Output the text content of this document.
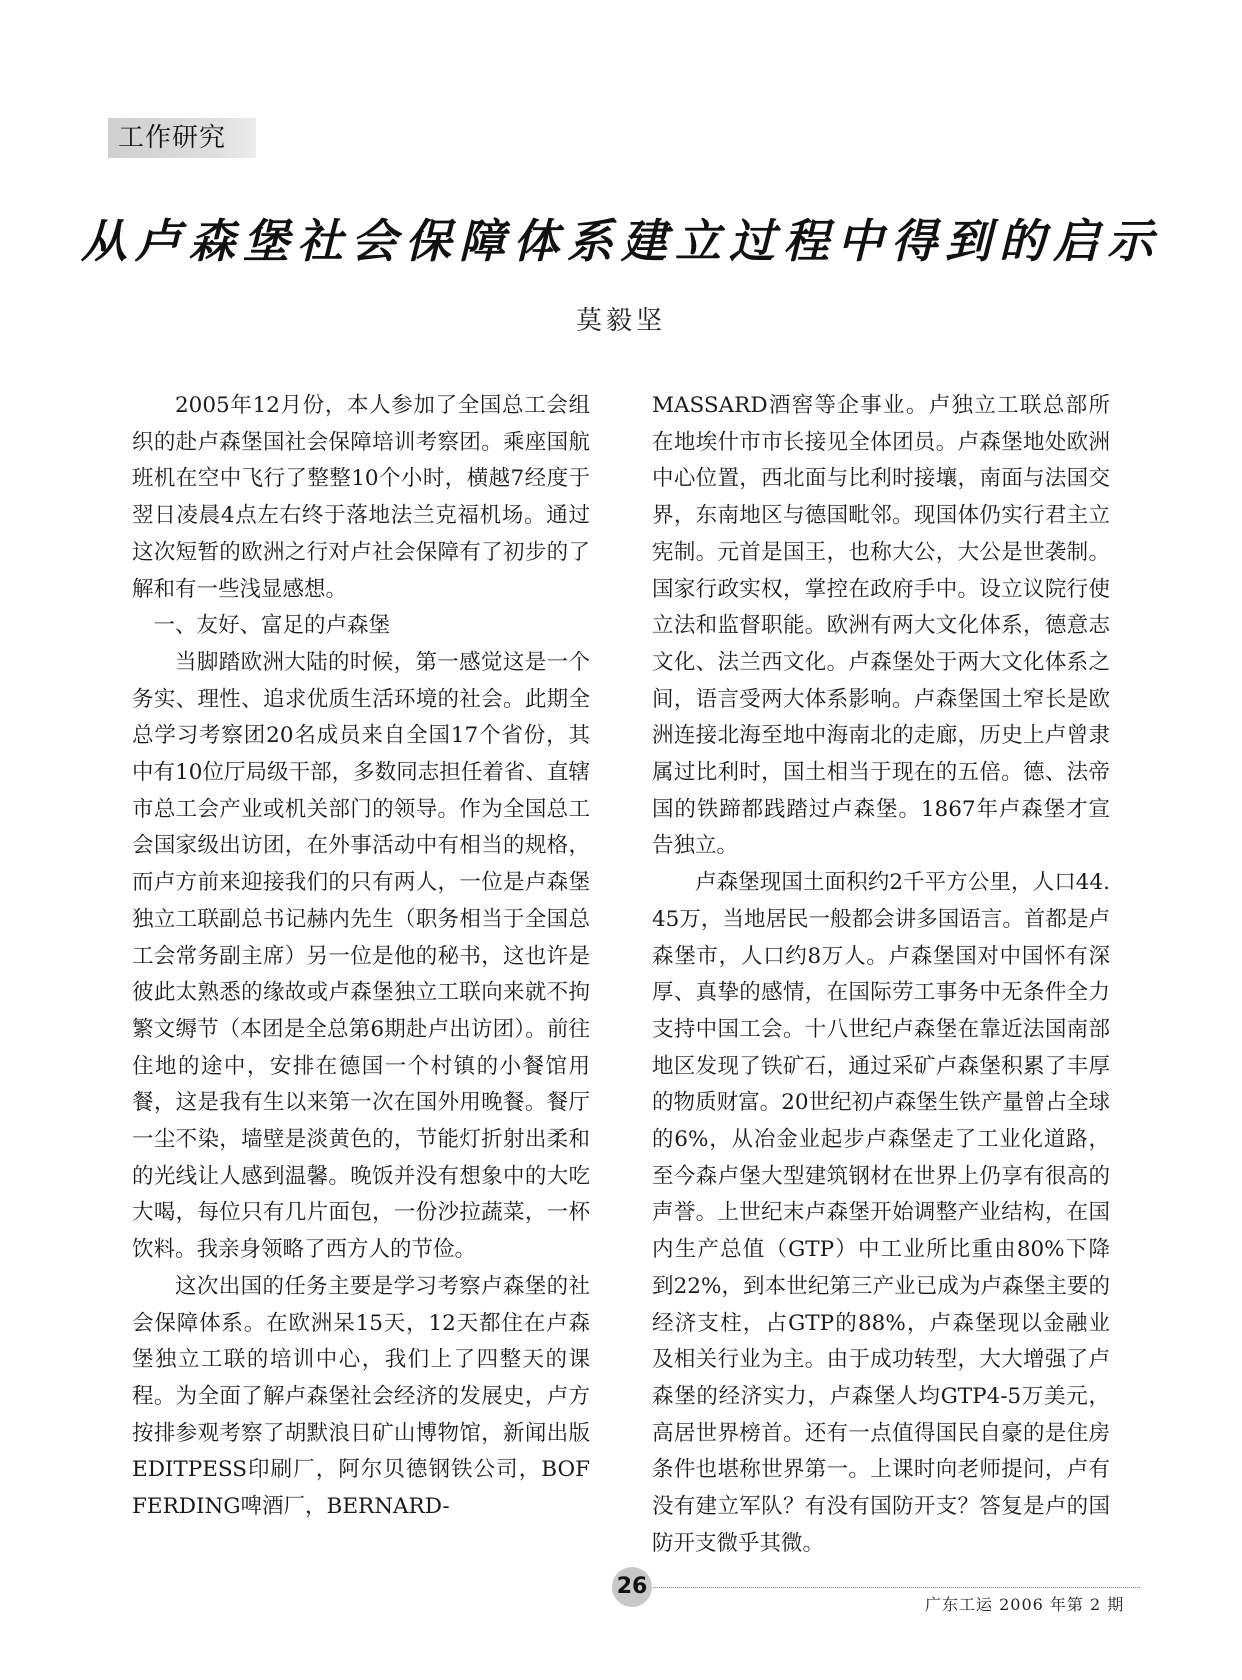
工作研究
从卢森堡社会保障体系建立过程中得到的启示
莫毅坚

2005年12月份，本人参加了全国总工会组织的赴卢森堡国社会保障培训考察团。乘座国航班机在空中飞行了整整10个小时，横越7经度于翌日凌晨4点左右终于落地法兰克福机场。通过这次短暂的欧洲之行对卢社会保障有了初步的了解和有一些浅显感想。

一、友好、富足的卢森堡

当脚踏欧洲大陆的时候，第一感觉这是一个务实、理性、追求优质生活环境的社会。此期全总学习考察团20名成员来自全国17个省份，其中有10位厅局级干部，多数同志担任着省、直辖市总工会产业或机关部门的领导。作为全国总工会国家级出访团，在外事活动中有相当的规格，而卢方前来迎接我们的只有两人，一位是卢森堡独立工联副总书记赫内先生（职务相当于全国总工会常务副主席）另一位是他的秘书，这也许是彼此太熟悉的缘故或卢森堡独立工联向来就不拘繁文缛节（本团是全总第6期赴卢出访团）。前往住地的途中，安排在德国一个村镇的小餐馆用餐，这是我有生以来第一次在国外用晚餐。餐厅一尘不染，墙壁是淡黄色的，节能灯折射出柔和的光线让人感到温馨。晚饭并没有想象中的大吃大喝，每位只有几片面包，一份沙拉蔬菜，一杯饮料。我亲身领略了西方人的节俭。

这次出国的任务主要是学习考察卢森堡的社会保障体系。在欧洲呆15天，12天都住在卢森堡独立工联的培训中心，我们上了四整天的课程。为全面了解卢森堡社会经济的发展史，卢方按排参观考察了胡默浪日矿山博物馆，新闻出版EDITPESS印刷厂，阿尔贝德钢铁公司，BOFFERDING啤酒厂，BERNARD-

MASSARD酒窖等企事业。卢独立工联总部所在地埃什市市长接见全体团员。卢森堡地处欧洲中心位置，西北面与比利时接壤，南面与法国交界，东南地区与德国毗邻。现国体仍实行君主立宪制。元首是国王，也称大公，大公是世袭制。国家行政实权，掌控在政府手中。设立议院行使立法和监督职能。欧洲有两大文化体系，德意志文化、法兰西文化。卢森堡处于两大文化体系之间，语言受两大体系影响。卢森堡国土窄长是欧洲连接北海至地中海南北的走廊，历史上卢曾隶属过比利时，国土相当于现在的五倍。德、法帝国的铁蹄都践踏过卢森堡。1867年卢森堡才宣告独立。

卢森堡现国土面积约2千平方公里，人口44.45万，当地居民一般都会讲多国语言。首都是卢森堡市，人口约8万人。卢森堡国对中国怀有深厚、真挚的感情，在国际劳工事务中无条件全力支持中国工会。十八世纪卢森堡在靠近法国南部地区发现了铁矿石，通过采矿卢森堡积累了丰厚的物质财富。20世纪初卢森堡生铁产量曾占全球的6%，从冶金业起步卢森堡走了工业化道路，至今森卢堡大型建筑钢材在世界上仍享有很高的声誉。上世纪末卢森堡开始调整产业结构，在国内生产总值（GTP）中工业所比重由80%下降到22%，到本世纪第三产业已成为卢森堡主要的经济支柱，占GTP的88%，卢森堡现以金融业及相关行业为主。由于成功转型，大大增强了卢森堡的经济实力，卢森堡人均GTP4-5万美元，高居世界榜首。还有一点值得国民自豪的是住房条件也堪称世界第一。上课时向老师提问，卢有没有建立军队？有没有国防开支？答复是卢的国防开支微乎其微。

26
广东工运 2006 年第 2 期
